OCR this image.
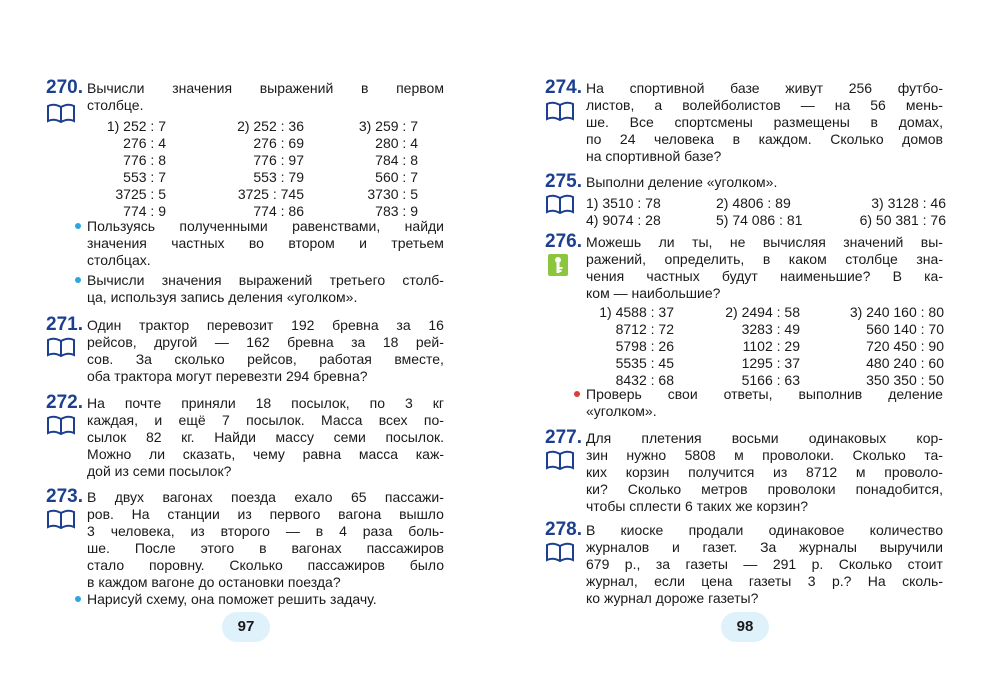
270. Вычисли значения выражений в первом
столбце.
1) 252 : 7
276 : 4
776 : 8
553 : 7
3725 : 5
774 : 9
2) 252 : 36
276 : 69
776 : 97
553 : 79
3725 : 745
774 : 86
3) 259 : 7
280 : 4
784 : 8
560 : 7
3730 : 5
783 : 9
Пользуясь полученными равенствами, найди
значения частных во втором и третьем
столбцах.
Вычисли значения выражений третьего столб-
ца, используя запись деления «уголком».
271. Один трактор перевозит 192 бревна за 16
рейсов, другой — 162 бревна за 18 рей-
сов. За сколько рейсов, работая вместе,
оба трактора могут перевезти 294 бревна?
272. На почте приняли 18 посылок, по 3 кг
каждая, и ещё 7 посылок. Масса всех по-
сылок 82 кг. Найди массу семи посылок.
Можно ли сказать, чему равна масса каж-
дой из семи посылок?
273. В двух вагонах поезда ехало 65 пассажи-
ров. На станции из первого вагона вышло
3 человека, из второго — в 4 раза боль-
ше. После этого в вагонах пассажиров
стало поровну. Сколько пассажиров было
в каждом вагоне до остановки поезда?
Нарисуй схему, она поможет решить задачу.
97
274. На спортивной базе живут 256 футбо-
листов, а волейболистов — на 56 мень-
ше. Все спортсмены размещены в домах,
по 24 человека в каждом. Сколько домов
на спортивной базе?
275. Выполни деление «уголком».
1) 3510 : 78
4) 9074 : 28
2) 4806 : 89
5) 74 086 : 81
3) 3128 : 46
6) 50 381 : 76
276. Можешь ли ты, не вычисляя значений вы-
ражений, определить, в каком столбце зна-
чения частных будут наименьшие? В ка-
ком — наибольшие?
1) 4588 : 37
8712 : 72
5798 : 26
5535 : 45
8432 : 68
2) 2494 : 58
3283 : 49
1102 : 29
1295 : 37
5166 : 63
3) 240 160 : 80
560 140 : 70
720 450 : 90
480 240 : 60
350 350 : 50
Проверь свои ответы, выполнив деление
«уголком».
277. Для плетения восьми одинаковых кор-
зин нужно 5808 м проволоки. Сколько та-
ких корзин получится из 8712 м проволо-
ки? Сколько метров проволоки понадобится,
чтобы сплести 6 таких же корзин?
278. В киоске продали одинаковое количество
журналов и газет. За журналы выручили
679 р., за газеты — 291 р. Сколько стоит
журнал, если цена газеты 3 р.? На сколь-
ко журнал дороже газеты?
98
